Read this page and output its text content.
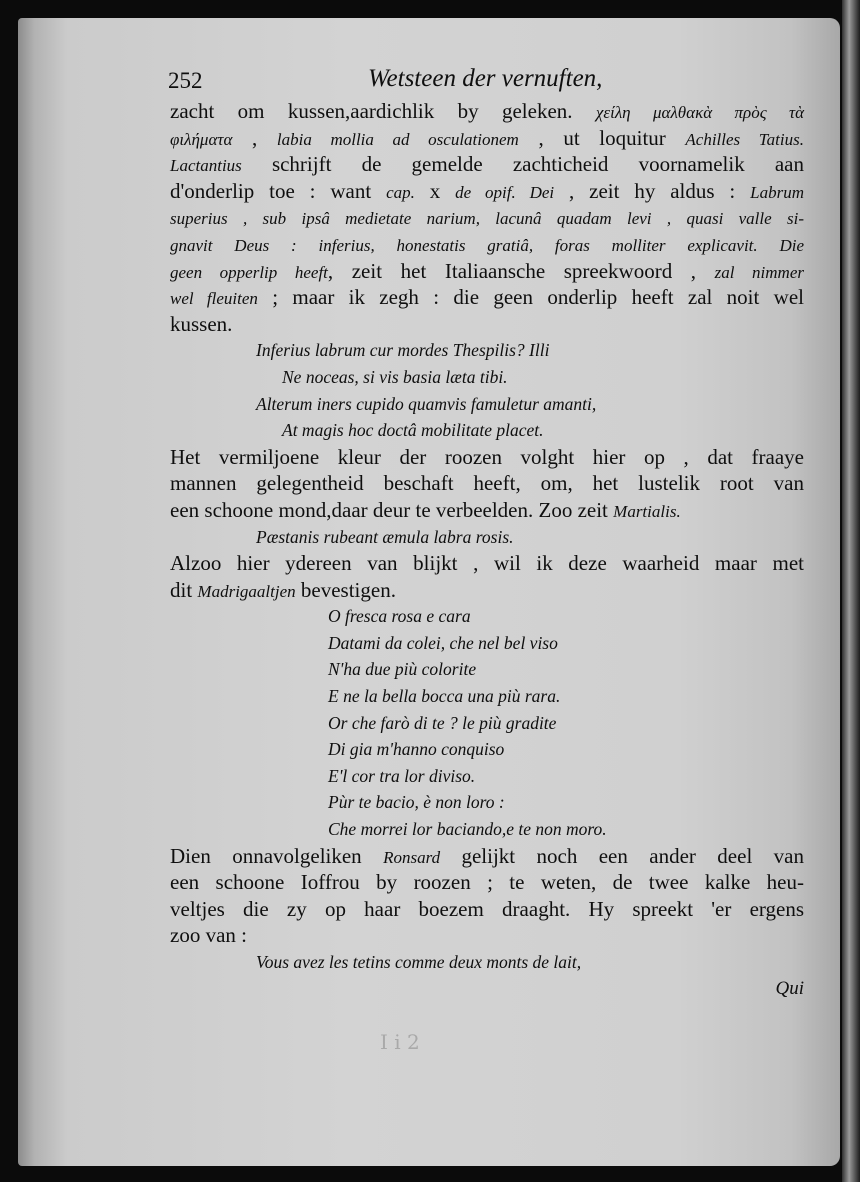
252	Wetsteen der vernuften,
zacht om kussen,aardichlik by geleken. χείλη μαλθακὰ πρὸς τὰ
φιλήματα , labia mollia ad osculationem , ut loquitur Achilles Tatius.
Lactantius schrijft de gemelde zachticheid voornamelik aan
d'onderlip toe : want cap. x de opif. Dei , zeit hy aldus : Labrum
superius , sub ipsâ medietate narium, lacunâ quadam levi , quasi valle si-
gnavit Deus : inferius, honestatis gratiâ, foras molliter explicavit. Die
geen opperlip heeft, zeit het Italiaansche spreekwoord , zal nimmer
wel fleuiten ; maar ik zegh : die geen onderlip heeft zal noit wel
kussen.
Inferius labrum cur mordes Thespilis? Illi
Ne noceas, si vis basia læta tibi.
Alterum iners cupido quamvis famuletur amanti,
At magis hoc doctâ mobilitate placet.
Het vermiljoene kleur der roozen volght hier op , dat fraaye
mannen gelegentheid beschaft heeft, om, het lustelik root van
een schoone mond,daar deur te verbeelden. Zoo zeit Martialis.
Pæstanis rubeant æmula labra rosis.
Alzoo hier ydereen van blijkt , wil ik deze waarheid maar met
dit Madrigaaltjen bevestigen.
O fresca rosa e cara
Datami da colei, che nel bel viso
N'ha due più colorite
E ne la bella bocca una più rara.
Or che farò di te ? le più gradite
Di gia m'hanno conquiso
E'l cor tra lor diviso.
Pùr te bacio, è non loro :
Che morrei lor baciando,e te non moro.
Dien onnavolgeliken Ronsard gelijkt noch een ander deel van
een schoone Ioffrou by roozen ; te weten, de twee kalke heu-
veltjes die zy op haar boezem draaght. Hy spreekt 'er ergens
zoo van :
Vous avez les tetins comme deux monts de lait,
Qui
I i 2
